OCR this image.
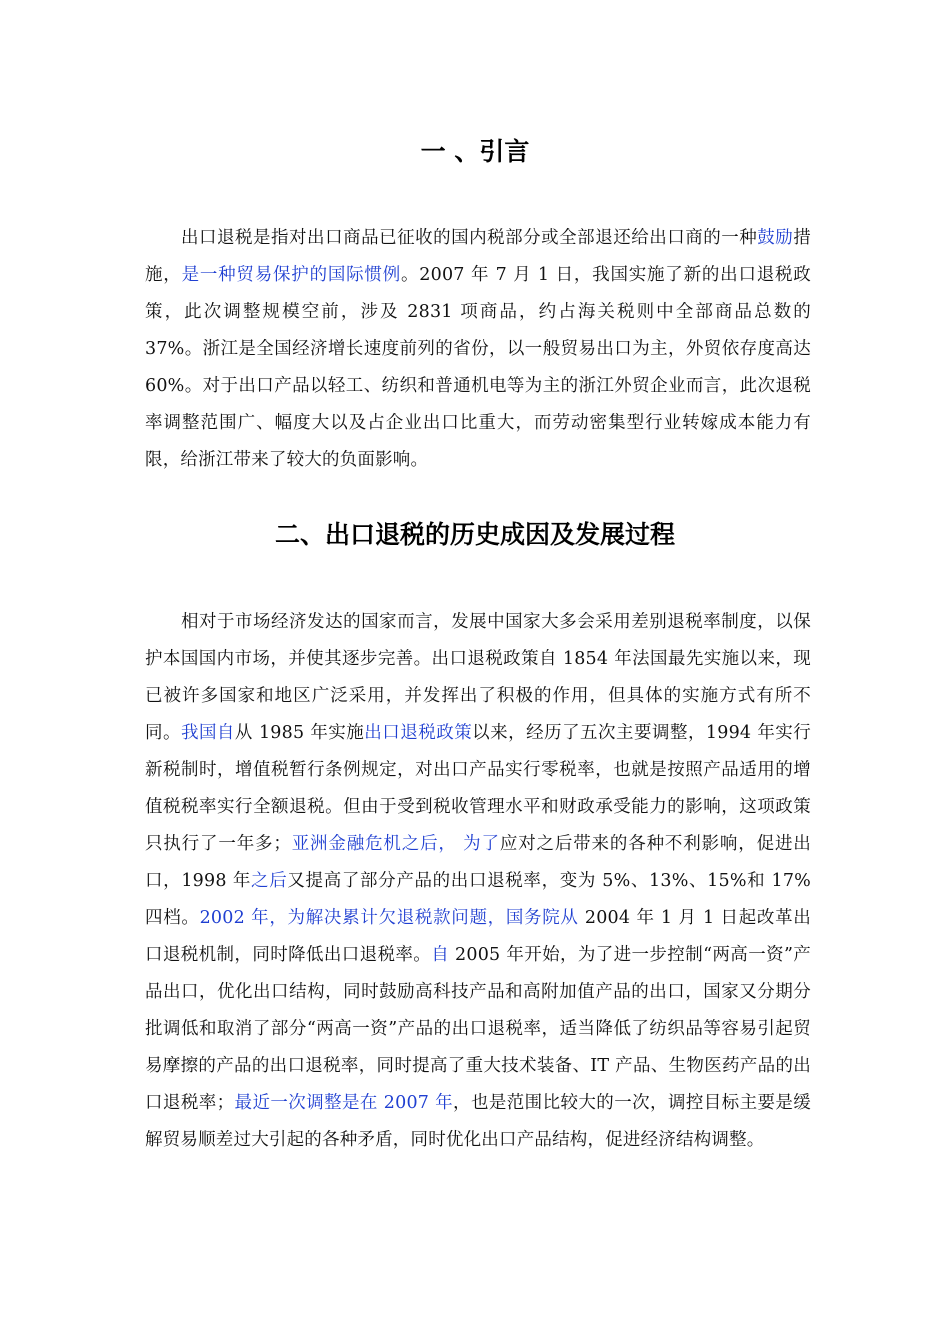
一 、引言

出口退税是指对出口商品已征收的国内税部分或全部退还给出口商的一种鼓励措施，是一种贸易保护的国际惯例。2007 年 7 月 1 日，我国实施了新的出口退税政策，此次调整规模空前，涉及 2831 项商品，约占海关税则中全部商品总数的 37%。浙江是全国经济增长速度前列的省份，以一般贸易出口为主，外贸依存度高达 60%。对于出口产品以轻工、纺织和普通机电等为主的浙江外贸企业而言，此次退税率调整范围广、幅度大以及占企业出口比重大，而劳动密集型行业转嫁成本能力有限，给浙江带来了较大的负面影响。

二、出口退税的历史成因及发展过程

相对于市场经济发达的国家而言，发展中国家大多会采用差别退税率制度，以保护本国国内市场，并使其逐步完善。出口退税政策自 1854 年法国最先实施以来，现已被许多国家和地区广泛采用，并发挥出了积极的作用，但具体的实施方式有所不同。我国自从 1985 年实施出口退税政策以来，经历了五次主要调整，1994 年实行新税制时，增值税暂行条例规定，对出口产品实行零税率，也就是按照产品适用的增值税税率实行全额退税。但由于受到税收管理水平和财政承受能力的影响，这项政策只执行了一年多；亚洲金融危机之后， 为了应对之后带来的各种不利影响，促进出口，1998 年之后又提高了部分产品的出口退税率，变为 5%、13%、15%和 17%四档。2002 年，为解决累计欠退税款问题，国务院从 2004 年 1 月 1 日起改革出口退税机制，同时降低出口退税率。自 2005 年开始，为了进一步控制“两高一资”产品出口，优化出口结构，同时鼓励高科技产品和高附加值产品的出口，国家又分期分批调低和取消了部分“两高一资”产品的出口退税率，适当降低了纺织品等容易引起贸易摩擦的产品的出口退税率，同时提高了重大技术装备、IT 产品、生物医药产品的出口退税率；最近一次调整是在 2007 年，也是范围比较大的一次，调控目标主要是缓解贸易顺差过大引起的各种矛盾，同时优化出口产品结构，促进经济结构调整。
